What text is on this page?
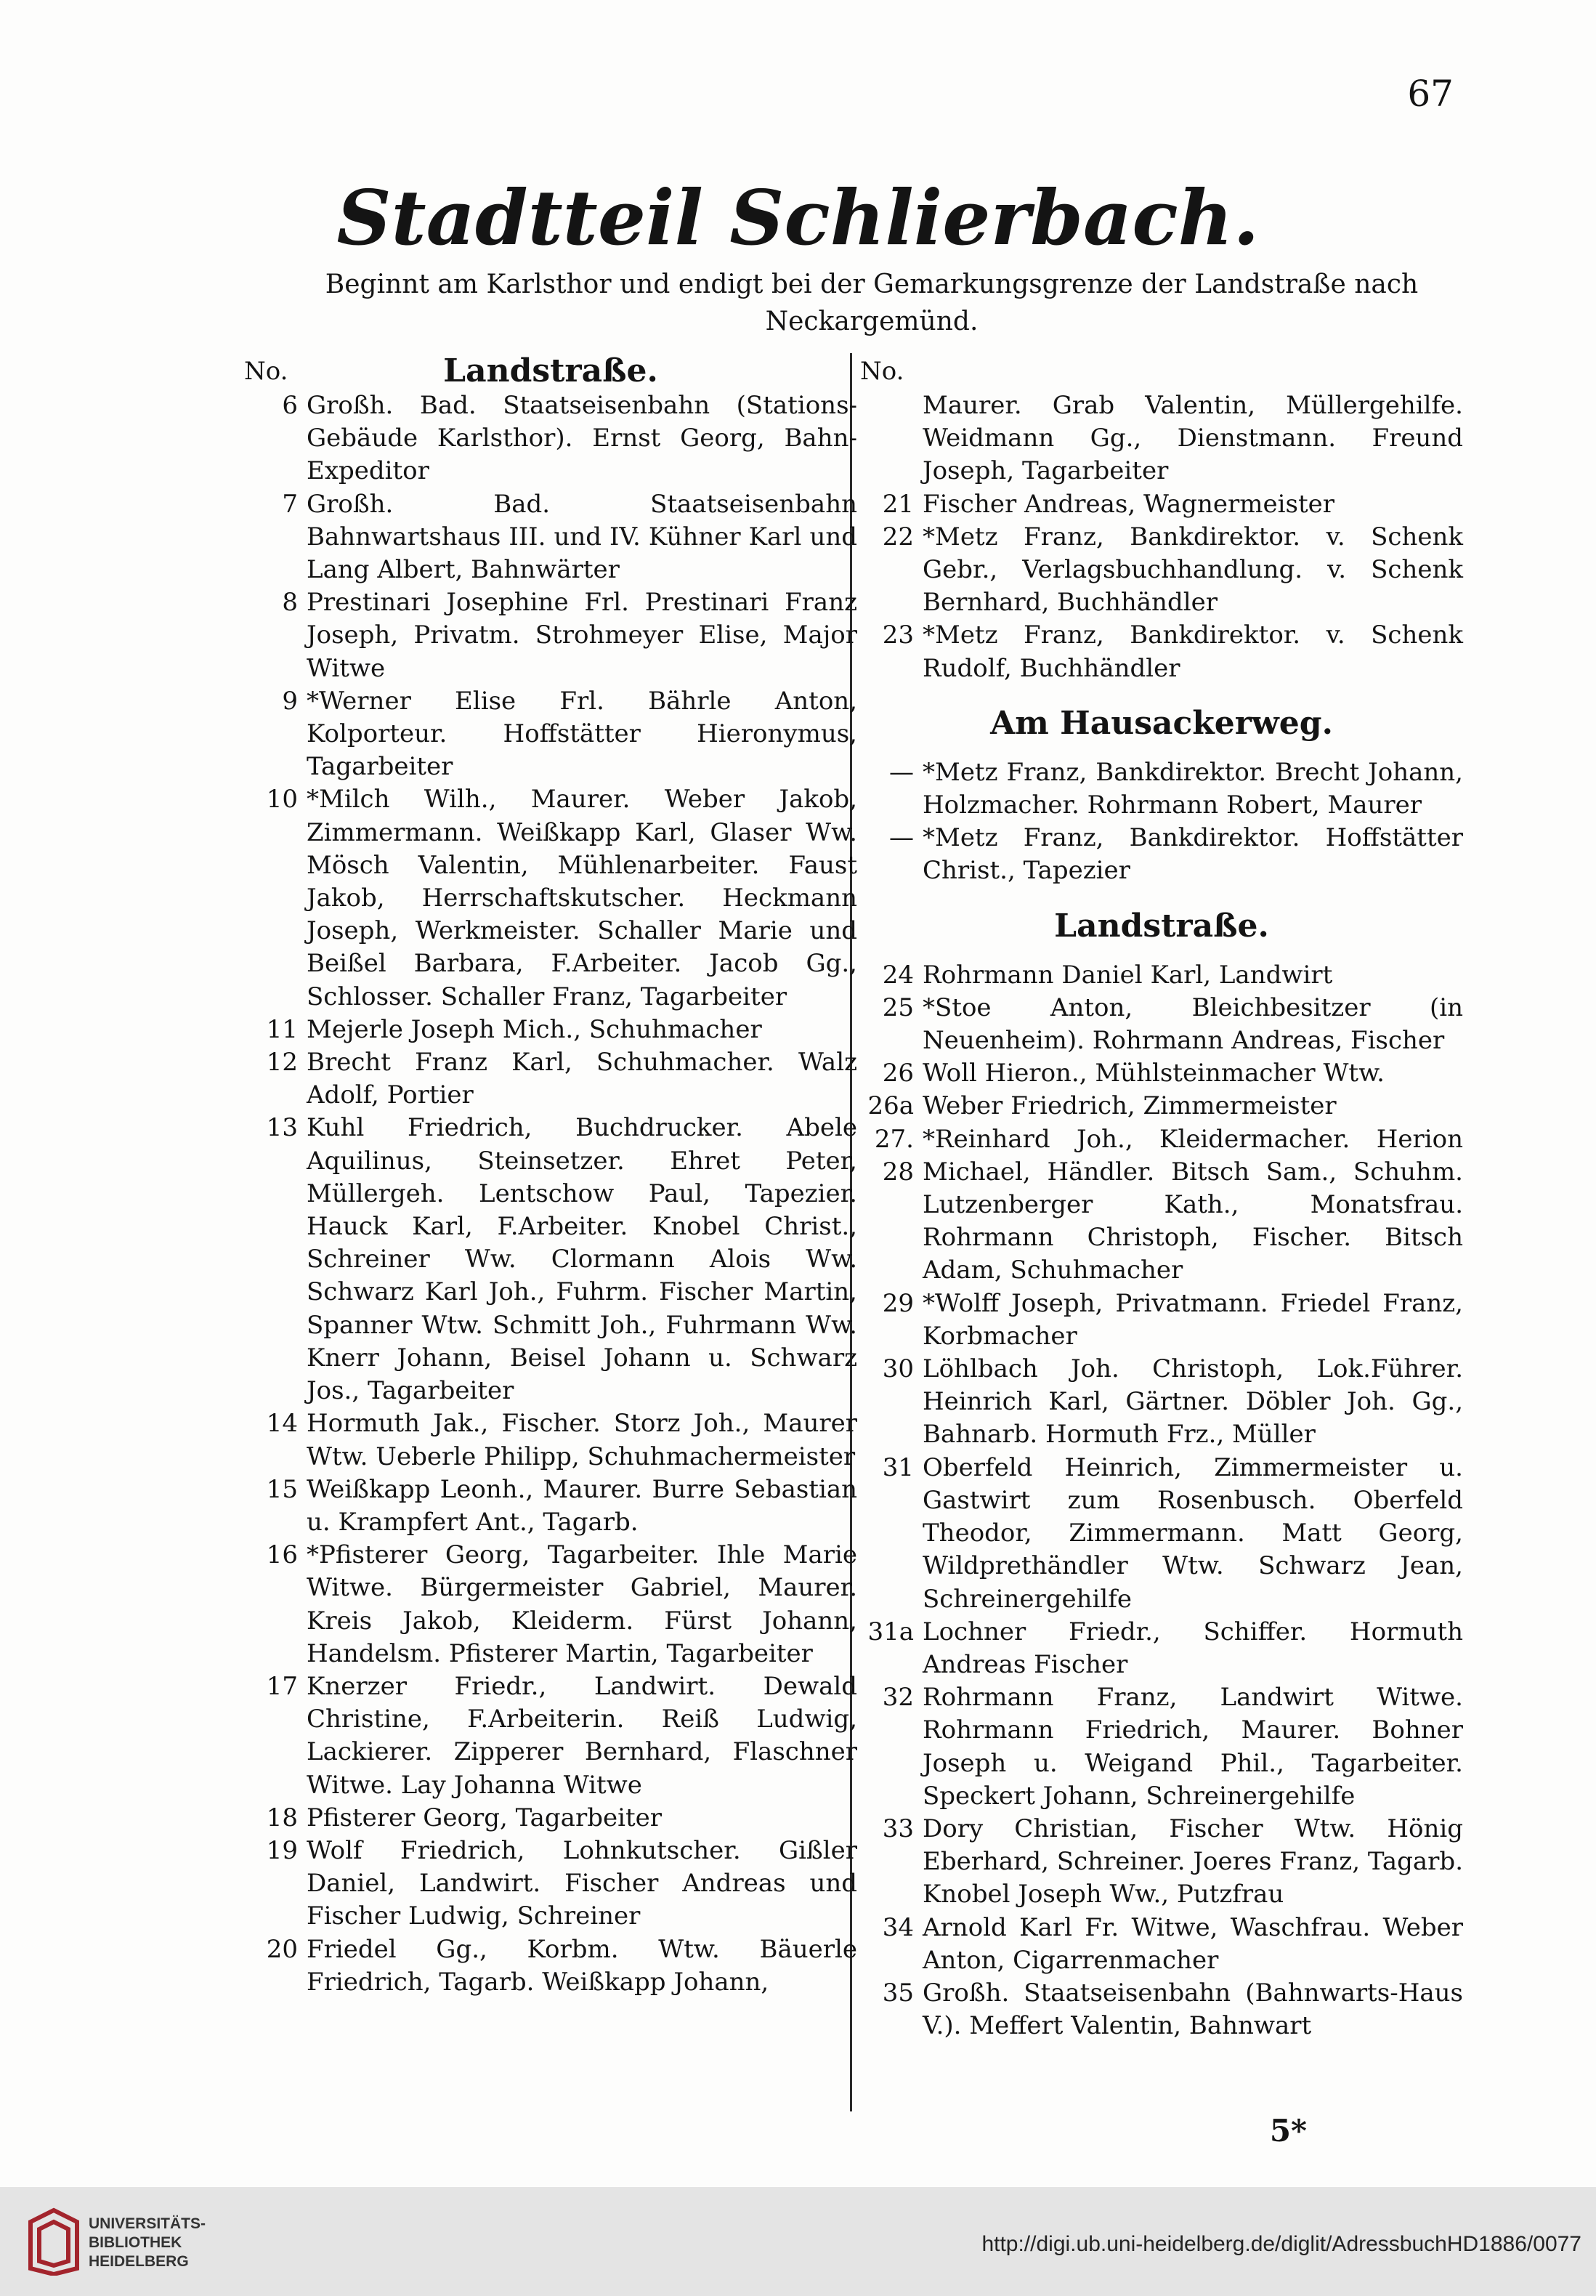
67
Stadtteil Schlierbach.
Beginnt am Karlsthor und endigt bei der Gemarkungsgrenze der Landstraße nach Neckargemünd.
No.	Landstraße.
6 Großh. Bad. Staatseisenbahn (Stations-Gebäude Karlsthor). Ernst Georg, Bahn-Expeditor
7 Großh. Bad. Staatseisenbahn Bahnwartshaus III. und IV. Kühner Karl und Lang Albert, Bahnwärter
8 Prestinari Josephine Frl. Prestinari Franz Joseph, Privatm. Strohmeyer Elise, Major Witwe
9 *Werner Elise Frl. Bährle Anton, Kolporteur. Hoffstätter Hieronymus, Tagarbeiter
10 *Milch Wilh., Maurer. Weber Jakob, Zimmermann. Weißkapp Karl, Glaser Ww. Mösch Valentin, Mühlenarbeiter. Faust Jakob, Herrschaftskutscher. Heckmann Joseph, Werkmeister. Schaller Marie und Beißel Barbara, F.Arbeiter. Jacob Gg., Schlosser. Schaller Franz, Tagarbeiter
11 Mejerle Joseph Mich., Schuhmacher
12 Brecht Franz Karl, Schuhmacher. Walz Adolf, Portier
13 Kuhl Friedrich, Buchdrucker. Abele Aquilinus, Steinsetzer. Ehret Peter, Müllergeh. Lentschow Paul, Tapezier. Hauck Karl, F.Arbeiter. Knobel Christ., Schreiner Ww. Clormann Alois Ww. Schwarz Karl Joh., Fuhrm. Fischer Martin, Spanner Wtw. Schmitt Joh., Fuhrmann Ww. Knerr Johann, Beisel Johann u. Schwarz Jos., Tagarbeiter
14 Hormuth Jak., Fischer. Storz Joh., Maurer Wtw. Ueberle Philipp, Schuhmachermeister
15 Weißkapp Leonh., Maurer. Burre Sebastian u. Krampfert Ant., Tagarb.
16 *Pfisterer Georg, Tagarbeiter. Ihle Marie Witwe. Bürgermeister Gabriel, Maurer. Kreis Jakob, Kleiderm. Fürst Johann, Handelsm. Pfisterer Martin, Tagarbeiter
17 Knerzer Friedr., Landwirt. Dewald Christine, F.Arbeiterin. Reiß Ludwig, Lackierer. Zipperer Bernhard, Flaschner Witwe. Lay Johanna Witwe
18 Pfisterer Georg, Tagarbeiter
19 Wolf Friedrich, Lohnkutscher. Gißler Daniel, Landwirt. Fischer Andreas und Fischer Ludwig, Schreiner
20 Friedel Gg., Korbm. Wtw. Bäuerle Friedrich, Tagarb. Weißkapp Johann,
No.
Maurer. Grab Valentin, Müllergehilfe. Weidmann Gg., Dienstmann. Freund Joseph, Tagarbeiter
21 Fischer Andreas, Wagnermeister
22 *Metz Franz, Bankdirektor. v. Schenk Gebr., Verlagsbuchhandlung. v. Schenk Bernhard, Buchhändler
23 *Metz Franz, Bankdirektor. v. Schenk Rudolf, Buchhändler
Am Hausackerweg.
— *Metz Franz, Bankdirektor. Brecht Johann, Holzmacher. Rohrmann Robert, Maurer
— *Metz Franz, Bankdirektor. Hoffstätter Christ., Tapezier
Landstraße.
24 Rohrmann Daniel Karl, Landwirt
25 *Stoe Anton, Bleichbesitzer (in Neuenheim). Rohrmann Andreas, Fischer
26 Woll Hieron., Mühlsteinmacher Wtw.
26a Weber Friedrich, Zimmermeister
27. 28
*Reinhard Joh., Kleidermacher. Herion Michael, Händler. Bitsch Sam., Schuhm. Lutzenberger Kath., Monatsfrau. Rohrmann Christoph, Fischer. Bitsch Adam, Schuhmacher
29 *Wolff Joseph, Privatmann. Friedel Franz, Korbmacher
30 Löhlbach Joh. Christoph, Lok.Führer. Heinrich Karl, Gärtner. Döbler Joh. Gg., Bahnarb. Hormuth Frz., Müller
31 Oberfeld Heinrich, Zimmermeister u. Gastwirt zum Rosenbusch. Oberfeld Theodor, Zimmermann. Matt Georg, Wildprethändler Wtw. Schwarz Jean, Schreinergehilfe
31a Lochner Friedr., Schiffer. Hormuth Andreas Fischer
32 Rohrmann Franz, Landwirt Witwe. Rohrmann Friedrich, Maurer. Bohner Joseph u. Weigand Phil., Tagarbeiter. Speckert Johann, Schreinergehilfe
33 Dory Christian, Fischer Wtw. Hönig Eberhard, Schreiner. Joeres Franz, Tagarb. Knobel Joseph Ww., Putzfrau
34 Arnold Karl Fr. Witwe, Waschfrau. Weber Anton, Cigarrenmacher
35 Großh. Staatseisenbahn (Bahnwarts-Haus V.). Meffert Valentin, Bahnwart
5*
UNIVERSITÄTS-
BIBLIOTHEK
HEIDELBERG
http://digi.ub.uni-heidelberg.de/diglit/AdressbuchHD1886/0077
